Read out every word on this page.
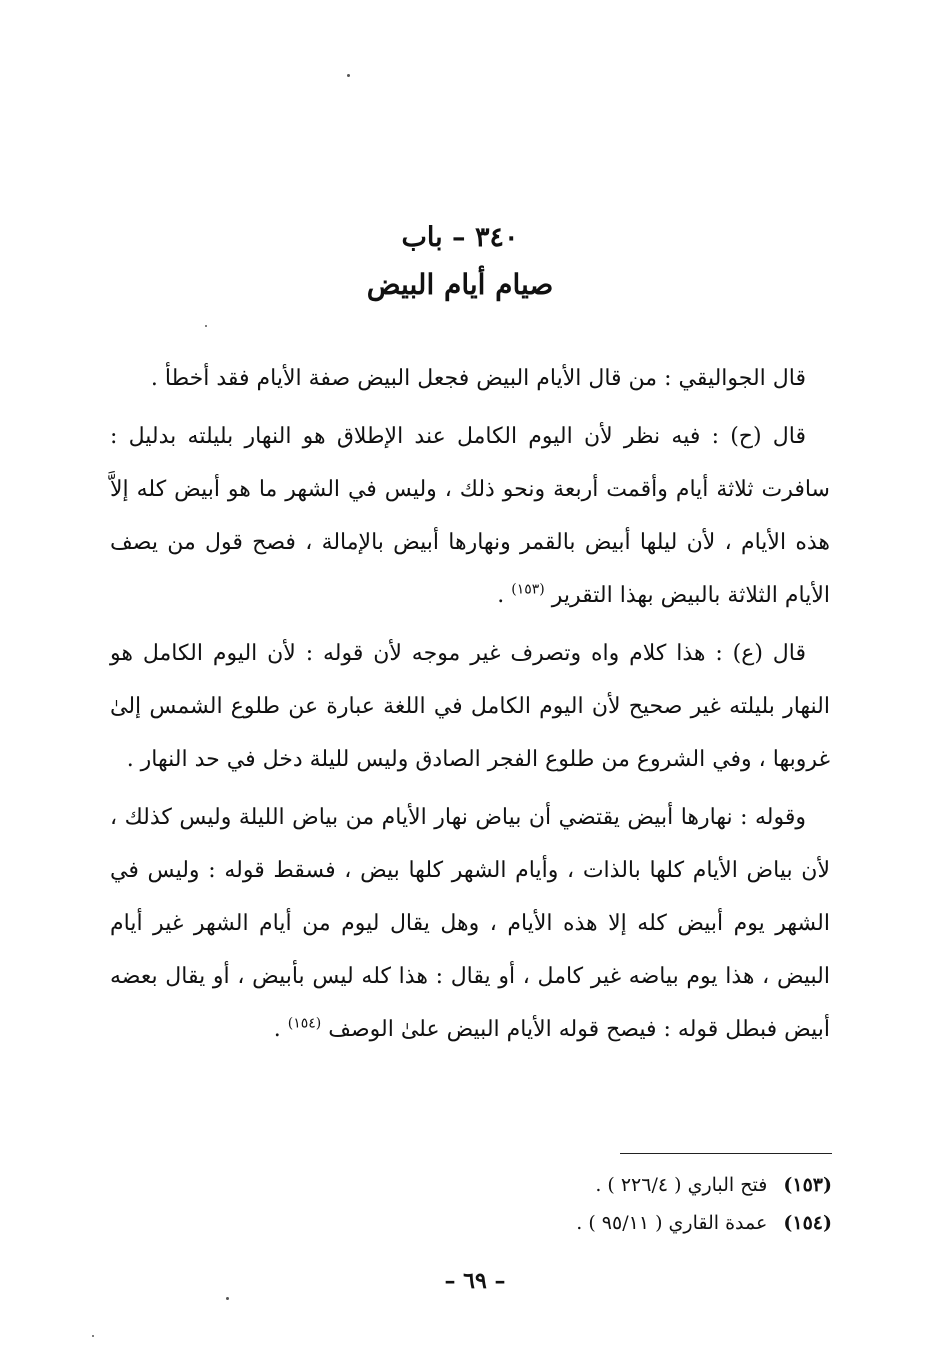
٣٤٠ – باب
صيام أيام البيض

قال الجواليقي : من قال الأيام البيض فجعل البيض صفة الأيام فقد أخطأ .

قال (ح) : فيه نظر لأن اليوم الكامل عند الإطلاق هو النهار بليلته بدليل : سافرت ثلاثة أيام وأقمت أربعة ونحو ذلك ، وليس في الشهر ما هو أبيض كله إلاَّ هذه الأيام ، لأن ليلها أبيض بالقمر ونهارها أبيض بالإمالة ، فصح قول من يصف الأيام الثلاثة بالبيض بهذا التقرير $^{(١٥٣)}$ .

قال (ع) : هذا كلام واه وتصرف غير موجه لأن قوله : لأن اليوم الكامل هو النهار بليلته غير صحيح لأن اليوم الكامل في اللغة عبارة عن طلوع الشمس إلىٰ غروبها ، وفي الشروع من طلوع الفجر الصادق وليس لليلة دخل في حد النهار .

وقوله : نهارها أبيض يقتضي أن بياض نهار الأيام من بياض الليلة وليس كذلك ، لأن بياض الأيام كلها بالذات ، وأيام الشهر كلها بيض ، فسقط قوله : وليس في الشهر يوم أبيض كله إلا هذه الأيام ، وهل يقال ليوم من أيام الشهر غير أيام البيض ، هذا يوم بياضه غير كامل ، أو يقال : هذا كله ليس بأبيض ، أو يقال بعضه أبيض فبطل قوله : فيصح قوله الأيام البيض علىٰ الوصف $^{(١٥٤)}$ .

(١٥٣) فتح الباري ( ٢٢٦/٤ ) .
(١٥٤) عمدة القاري ( ٩٥/١١ ) .
– ٦٩ –
